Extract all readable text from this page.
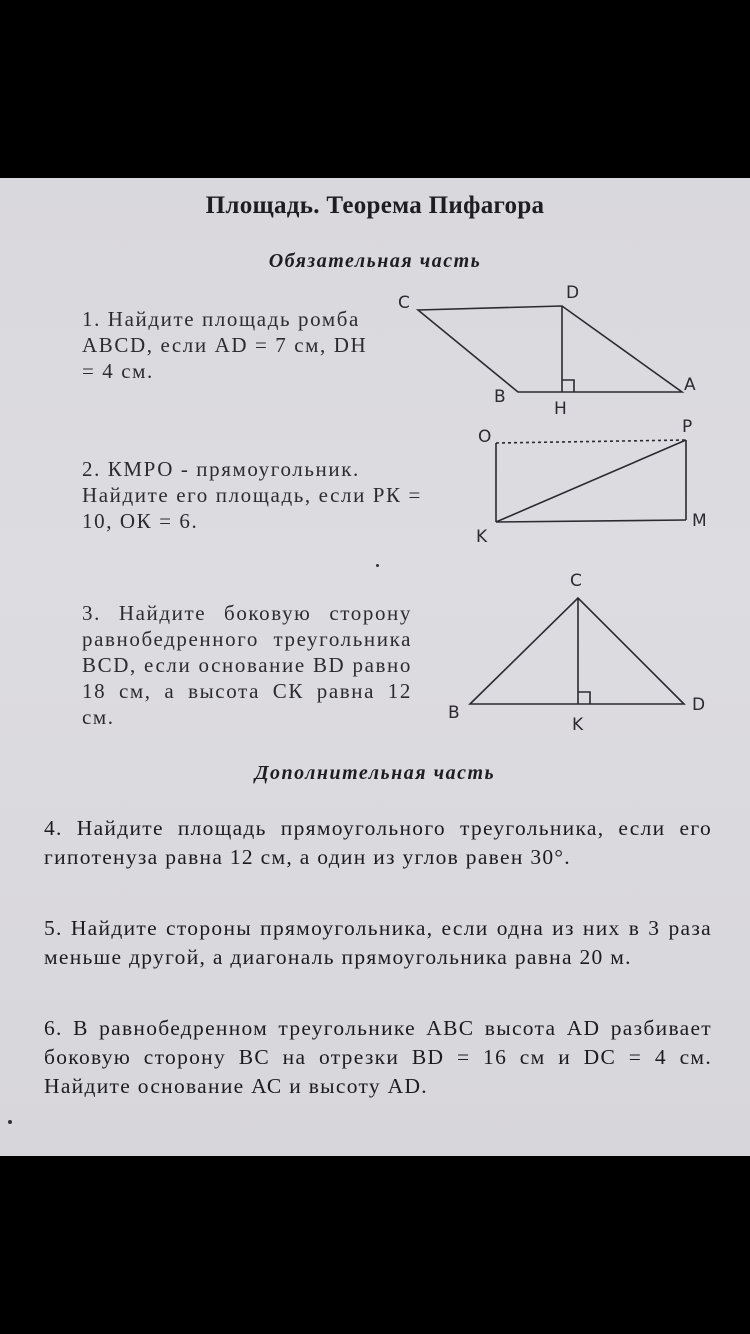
Площадь. Теорема Пифагора
Обязательная часть
1. Найдите площадь ромба ABCD, если AD = 7 см, DH = 4 см.
C	D
B
H
A
2. КМРО - прямоугольник. Найдите его площадь, если РК = 10, ОК = 6.
O	P
K
M
3. Найдите боковую сторону равнобедренного треугольника BCD, если основание BD равно 18 см, а высота СК равна 12 см.
C
B
K
D
Дополнительная часть
4. Найдите площадь прямоугольного треугольника, если его гипотенуза равна 12 см, а один из углов равен 30°.
5. Найдите стороны прямоугольника, если одна из них в 3 раза меньше другой, а диагональ прямоугольника равна 20 м.
6. В равнобедренном треугольнике АВС высота AD разбивает боковую сторону ВС на отрезки BD = 16 см и DC = 4 см. Найдите основание АС и высоту AD.
